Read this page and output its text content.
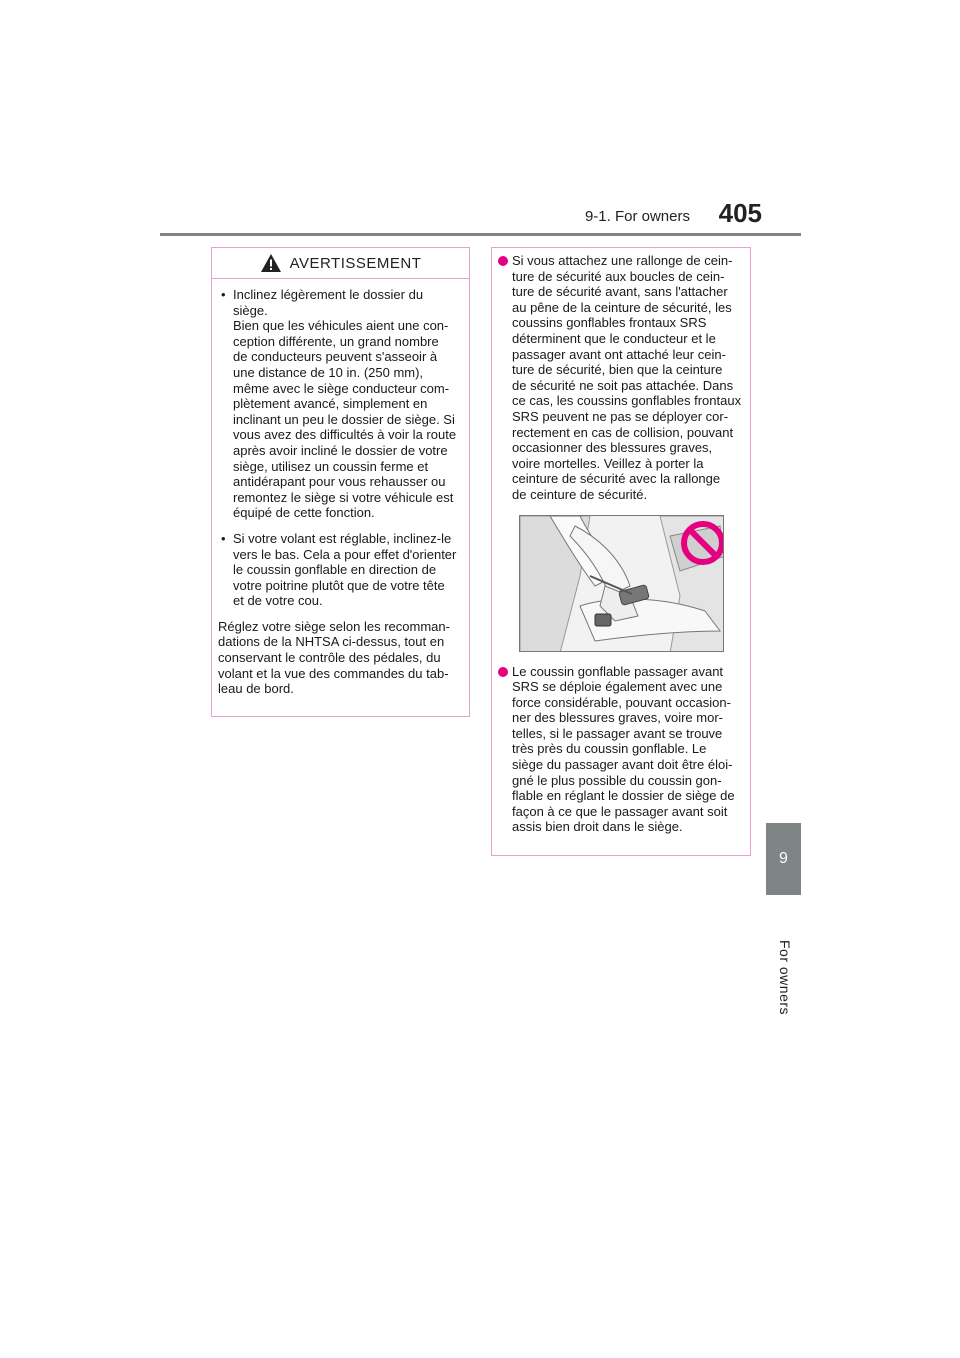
9-1. For owners 405
9
For owners
AVERTISSEMENT
• Inclinez légèrement le dossier du
siège.
Bien que les véhicules aient une con-
ception différente, un grand nombre
de conducteurs peuvent s'asseoir à
une distance de 10 in. (250 mm),
même avec le siège conducteur com-
plètement avancé, simplement en
inclinant un peu le dossier de siège. Si
vous avez des difficultés à voir la route
après avoir incliné le dossier de votre
siège, utilisez un coussin ferme et
antidérapant pour vous rehausser ou
remontez le siège si votre véhicule est
équipé de cette fonction.

• Si votre volant est réglable, inclinez-le
vers le bas. Cela a pour effet d'orienter
le coussin gonflable en direction de
votre poitrine plutôt que de votre tête
et de votre cou.

Réglez votre siège selon les recomman-
dations de la NHTSA ci-dessus, tout en
conservant le contrôle des pédales, du
volant et la vue des commandes du tab-
leau de bord.

Si vous attachez une rallonge de cein-
ture de sécurité aux boucles de cein-
ture de sécurité avant, sans l'attacher
au pêne de la ceinture de sécurité, les
coussins gonflables frontaux SRS
déterminent que le conducteur et le
passager avant ont attaché leur cein-
ture de sécurité, bien que la ceinture
de sécurité ne soit pas attachée. Dans
ce cas, les coussins gonflables frontaux
SRS peuvent ne pas se déployer cor-
rectement en cas de collision, pouvant
occasionner des blessures graves,
voire mortelles. Veillez à porter la
ceinture de sécurité avec la rallonge
de ceinture de sécurité.

Le coussin gonflable passager avant
SRS se déploie également avec une
force considérable, pouvant occasion-
ner des blessures graves, voire mor-
telles, si le passager avant se trouve
très près du coussin gonflable. Le
siège du passager avant doit être éloi-
gné le plus possible du coussin gon-
flable en réglant le dossier de siège de
façon à ce que le passager avant soit
assis bien droit dans le siège.
